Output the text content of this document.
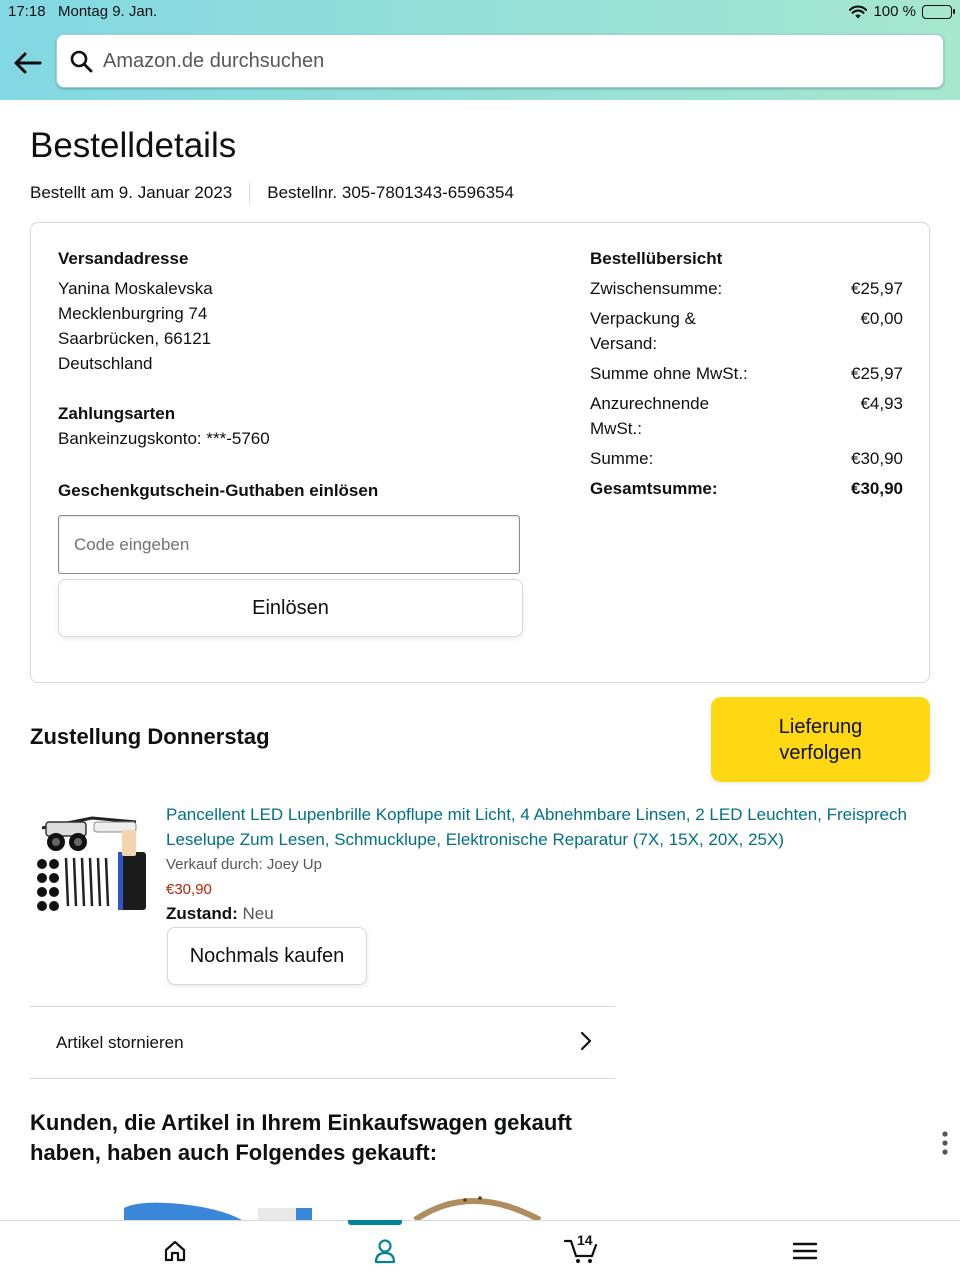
17:18 Montag 9. Jan.	100 %
Amazon.de durchsuchen
Bestelldetails
Bestellt am 9. Januar 2023 Bestellnr. 305-7801343-6596354
Versandadresse
Yanina Moskalevska
Mecklenburgring 74
Saarbrücken, 66121
Deutschland
Zahlungsarten
Bankeinzugskonto: ***-5760
Geschenkgutschein-Guthaben einlösen
Code eingeben
Einlösen
Bestellübersicht
Zwischensumme:	€25,97
Verpackung & Versand:
€0,00
Summe ohne MwSt.:	€25,97
Anzurechnende MwSt.:
€4,93
Summe:	€30,90
Gesamtsumme:	€30,90
Zustellung Donnerstag	Lieferung verfolgen
Pancellent LED Lupenbrille Kopflupe mit Licht, 4 Abnehmbare Linsen, 2 LED Leuchten, Freisprech Leselupe Zum Lesen, Schmucklupe, Elektronische Reparatur (7X, 15X, 20X, 25X)
Verkauf durch: Joey Up
€30,90
Zustand: Neu
Nochmals kaufen
Artikel stornieren
Kunden, die Artikel in Ihrem Einkaufswagen gekauft haben, haben auch Folgendes gekauft:
14
